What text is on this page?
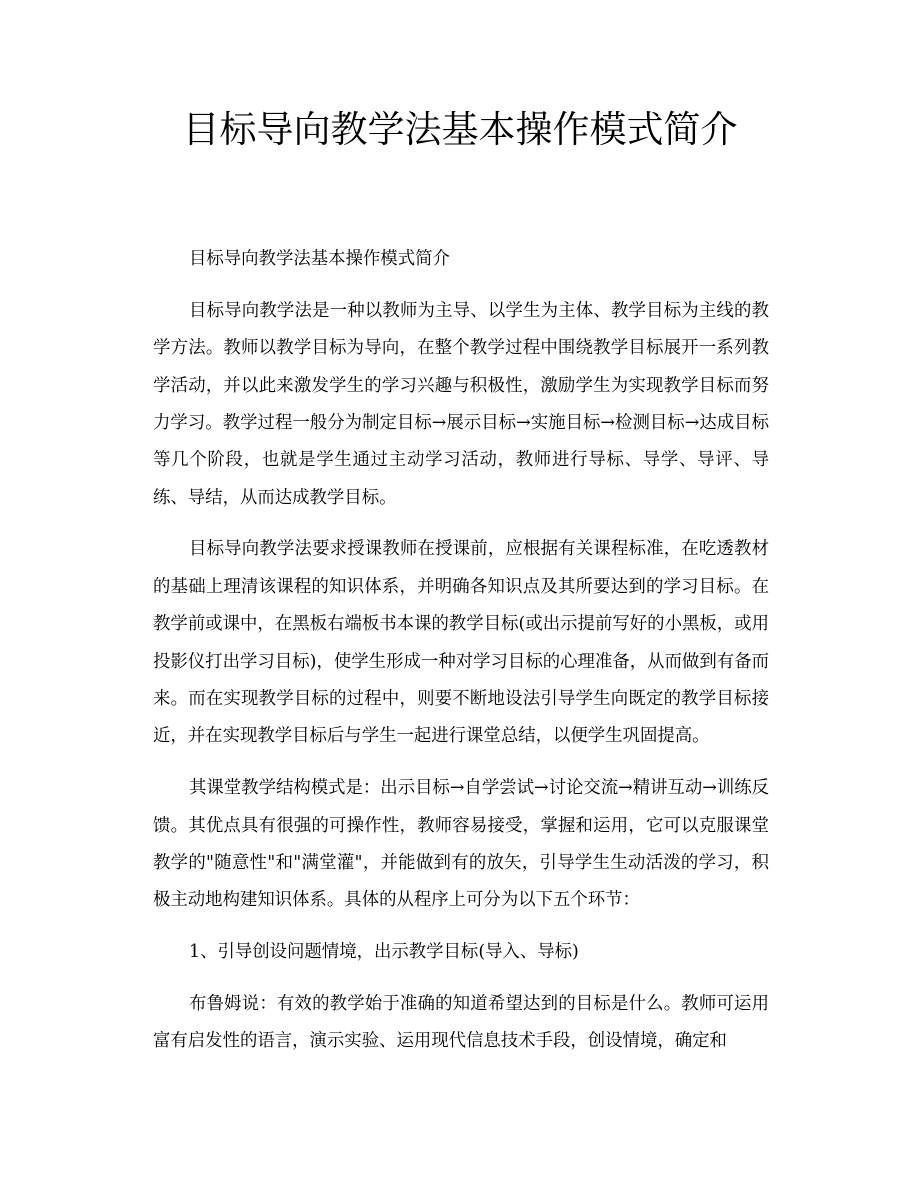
目标导向教学法基本操作模式简介

目标导向教学法基本操作模式简介

目标导向教学法是一种以教师为主导、以学生为主体、教学目标为主线的教学方法。教师以教学目标为导向，在整个教学过程中围绕教学目标展开一系列教学活动，并以此来激发学生的学习兴趣与积极性，激励学生为实现教学目标而努力学习。教学过程一般分为制定目标→展示目标→实施目标→检测目标→达成目标等几个阶段，也就是学生通过主动学习活动，教师进行导标、导学、导评、导练、导结，从而达成教学目标。

目标导向教学法要求授课教师在授课前，应根据有关课程标准，在吃透教材的基础上理清该课程的知识体系，并明确各知识点及其所要达到的学习目标。在教学前或课中，在黑板右端板书本课的教学目标(或出示提前写好的小黑板，或用投影仪打出学习目标)，使学生形成一种对学习目标的心理准备，从而做到有备而来。而在实现教学目标的过程中，则要不断地设法引导学生向既定的教学目标接近，并在实现教学目标后与学生一起进行课堂总结，以便学生巩固提高。

其课堂教学结构模式是：出示目标→自学尝试→讨论交流→精讲互动→训练反馈。其优点具有很强的可操作性，教师容易接受，掌握和运用，它可以克服课堂教学的"随意性"和"满堂灌"，并能做到有的放矢，引导学生生动活泼的学习，积极主动地构建知识体系。具体的从程序上可分为以下五个环节：

1、引导创设问题情境，出示教学目标(导入、导标)

布鲁姆说：有效的教学始于准确的知道希望达到的目标是什么。教师可运用富有启发性的语言，演示实验、运用现代信息技术手段，创设情境，确定和
